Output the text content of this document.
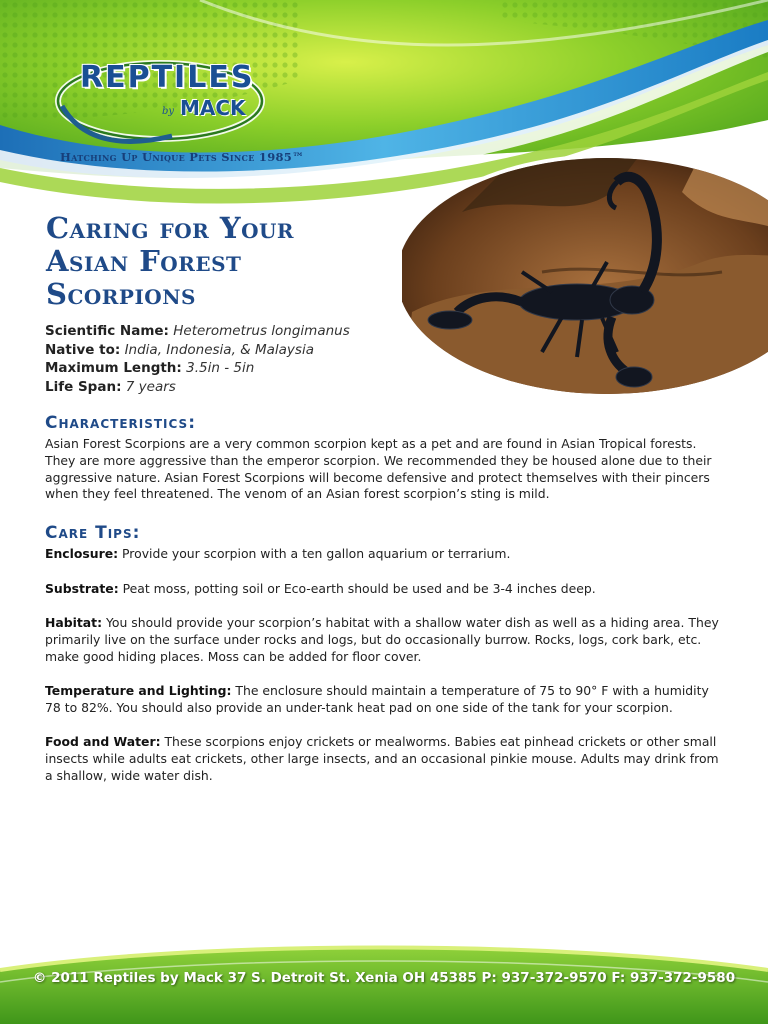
REPTILES
by MACK
Hatching Up Unique Pets Since 1985™
Caring for Your Asian Forest Scorpions
Scientific Name: Heterometrus longimanus
Native to: India, Indonesia, & Malaysia
Maximum Length: 3.5in - 5in
Life Span: 7 years
Characteristics:

Asian Forest Scorpions are a very common scorpion kept as a pet and are found in Asian Tropical forests. They are more aggressive than the emperor scorpion. We recommended they be housed alone due to their aggressive nature. Asian Forest Scorpions will become defensive and protect themselves with their pincers when they feel threatened. The venom of an Asian forest scorpion’s sting is mild.

Care Tips:

Enclosure: Provide your scorpion with a ten gallon aquarium or terrarium.

Substrate: Peat moss, potting soil or Eco-earth should be used and be 3-4 inches deep.

Habitat: You should provide your scorpion’s habitat with a shallow water dish as well as a hiding area. They primarily live on the surface under rocks and logs, but do occasionally burrow. Rocks, logs, cork bark, etc. make good hiding places. Moss can be added for floor cover.

Temperature and Lighting: The enclosure should maintain a temperature of 75 to 90° F with a humidity 78 to 82%. You should also provide an under-tank heat pad on one side of the tank for your scorpion.

Food and Water: These scorpions enjoy crickets or mealworms. Babies eat pinhead crickets or other small insects while adults eat crickets, other large insects, and an occasional pinkie mouse. Adults may drink from a shallow, wide water dish.

© 2011 Reptiles by Mack 37 S. Detroit St. Xenia OH 45385 P: 937-372-9570 F: 937-372-9580
